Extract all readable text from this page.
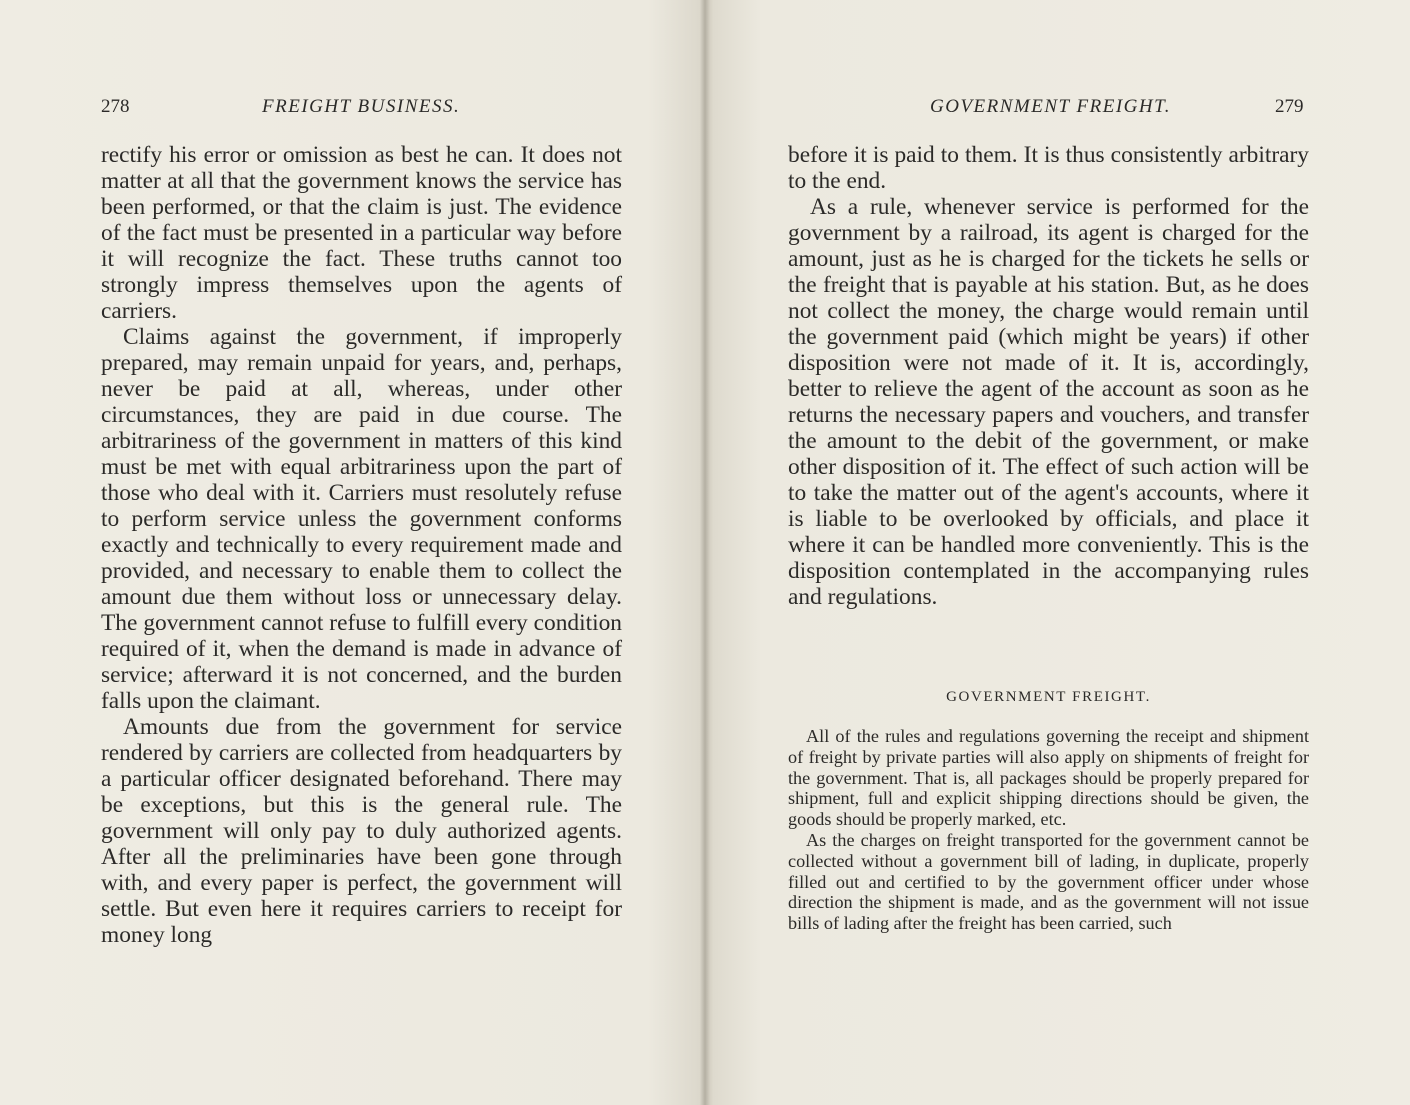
278	FREIGHT BUSINESS.

rectify his error or omission as best he can. It does not matter at all that the government knows the service has been performed, or that the claim is just. The evidence of the fact must be presented in a particular way before it will recognize the fact. These truths cannot too strongly impress themselves upon the agents of carriers.

Claims against the government, if improperly prepared, may remain unpaid for years, and, perhaps, never be paid at all, whereas, under other circumstances, they are paid in due course. The arbitrariness of the government in matters of this kind must be met with equal arbitrariness upon the part of those who deal with it. Carriers must resolutely refuse to perform service unless the government conforms exactly and technically to every requirement made and provided, and necessary to enable them to collect the amount due them without loss or unnecessary delay. The government cannot refuse to fulfill every condition required of it, when the demand is made in advance of service; afterward it is not concerned, and the burden falls upon the claimant.

Amounts due from the government for service rendered by carriers are collected from headquarters by a particular officer designated beforehand. There may be exceptions, but this is the general rule. The government will only pay to duly authorized agents. After all the preliminaries have been gone through with, and every paper is perfect, the government will settle. But even here it requires carriers to receipt for money long

GOVERNMENT FREIGHT.	279

before it is paid to them. It is thus consistently arbitrary to the end.

As a rule, whenever service is performed for the government by a railroad, its agent is charged for the amount, just as he is charged for the tickets he sells or the freight that is payable at his station. But, as he does not collect the money, the charge would remain until the government paid (which might be years) if other disposition were not made of it. It is, accordingly, better to relieve the agent of the account as soon as he returns the necessary papers and vouchers, and transfer the amount to the debit of the government, or make other disposition of it. The effect of such action will be to take the matter out of the agent's accounts, where it is liable to be overlooked by officials, and place it where it can be handled more conveniently. This is the disposition contemplated in the accompanying rules and regulations.

GOVERNMENT FREIGHT.

All of the rules and regulations governing the receipt and shipment of freight by private parties will also apply on shipments of freight for the government. That is, all packages should be properly prepared for shipment, full and explicit shipping directions should be given, the goods should be properly marked, etc.

As the charges on freight transported for the government cannot be collected without a government bill of lading, in duplicate, properly filled out and certified to by the government officer under whose direction the shipment is made, and as the government will not issue bills of lading after the freight has been carried, such
